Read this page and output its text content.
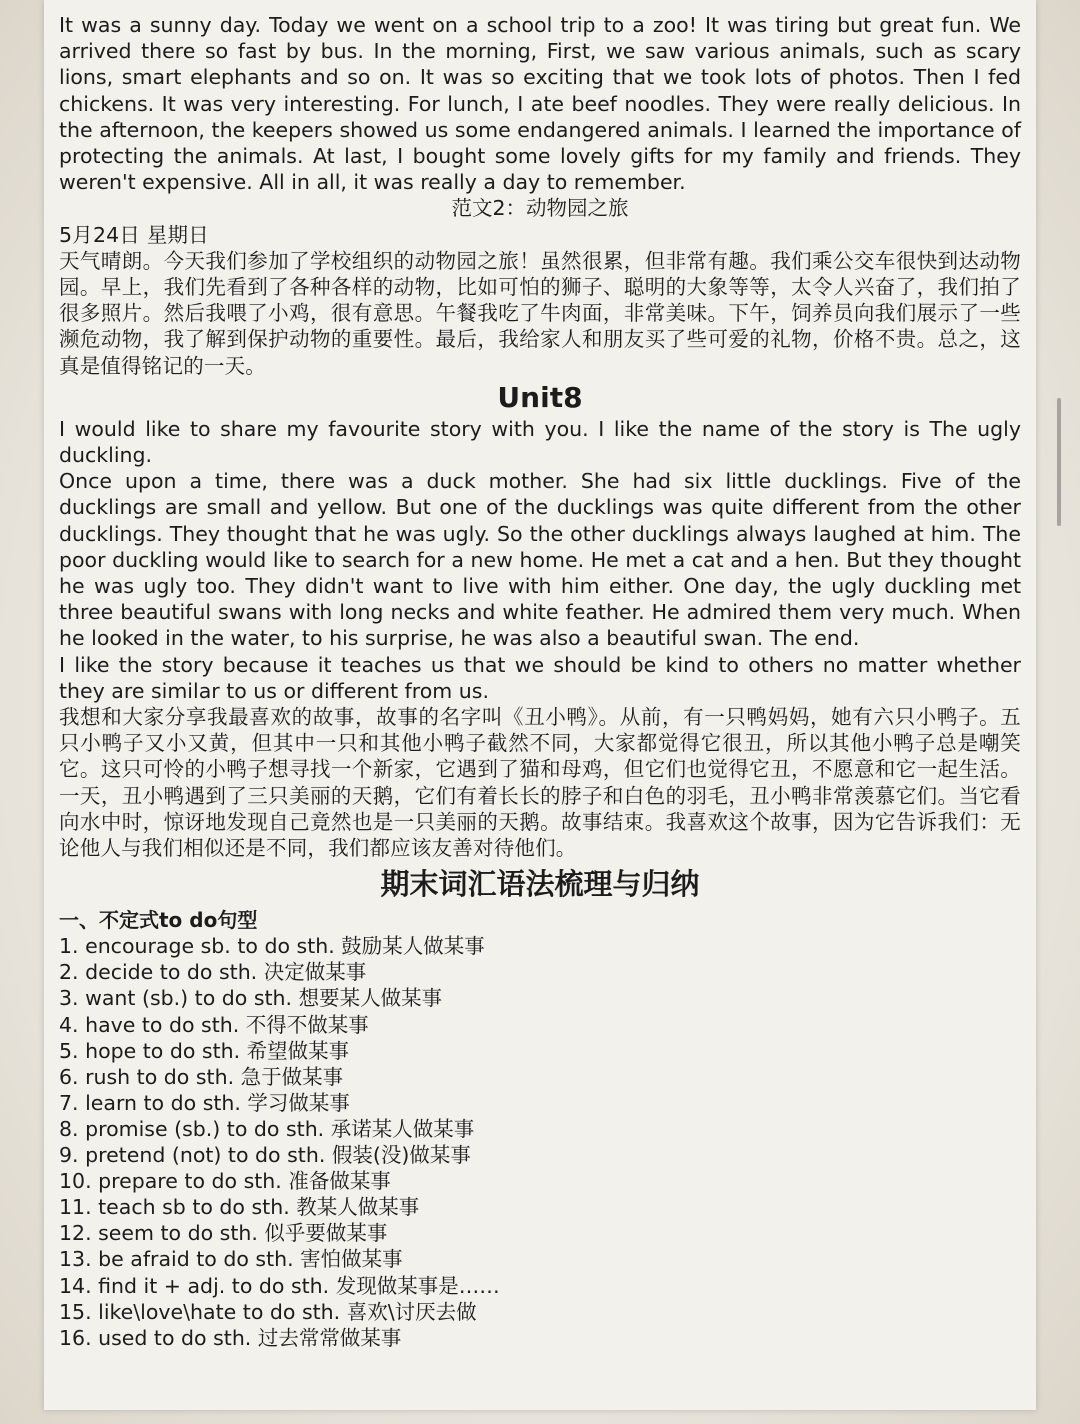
It was a sunny day. Today we went on a school trip to a zoo! It was tiring but great fun. We arrived there so fast by bus. In the morning, First, we saw various animals, such as scary lions, smart elephants and so on. It was so exciting that we took lots of photos. Then I fed chickens. It was very interesting. For lunch, I ate beef noodles. They were really delicious. In the afternoon, the keepers showed us some endangered animals. I learned the importance of protecting the animals. At last, I bought some lovely gifts for my family and friends. They weren't expensive. All in all, it was really a day to remember.

范文2：动物园之旅

5月24日 星期日

天气晴朗。今天我们参加了学校组织的动物园之旅！虽然很累，但非常有趣。我们乘公交车很快到达动物园。早上，我们先看到了各种各样的动物，比如可怕的狮子、聪明的大象等等，太令人兴奋了，我们拍了很多照片。然后我喂了小鸡，很有意思。午餐我吃了牛肉面，非常美味。下午，饲养员向我们展示了一些濒危动物，我了解到保护动物的重要性。最后，我给家人和朋友买了些可爱的礼物，价格不贵。总之，这真是值得铭记的一天。

Unit8

I would like to share my favourite story with you. I like the name of the story is The ugly duckling.

Once upon a time, there was a duck mother. She had six little ducklings. Five of the ducklings are small and yellow. But one of the ducklings was quite different from the other ducklings. They thought that he was ugly. So the other ducklings always laughed at him. The poor duckling would like to search for a new home. He met a cat and a hen. But they thought he was ugly too. They didn't want to live with him either. One day, the ugly duckling met three beautiful swans with long necks and white feather. He admired them very much. When he looked in the water, to his surprise, he was also a beautiful swan. The end.

I like the story because it teaches us that we should be kind to others no matter whether they are similar to us or different from us.

我想和大家分享我最喜欢的故事，故事的名字叫《丑小鸭》。从前，有一只鸭妈妈，她有六只小鸭子。五只小鸭子又小又黄，但其中一只和其他小鸭子截然不同，大家都觉得它很丑，所以其他小鸭子总是嘲笑它。这只可怜的小鸭子想寻找一个新家，它遇到了猫和母鸡，但它们也觉得它丑，不愿意和它一起生活。一天，丑小鸭遇到了三只美丽的天鹅，它们有着长长的脖子和白色的羽毛，丑小鸭非常羡慕它们。当它看向水中时，惊讶地发现自己竟然也是一只美丽的天鹅。故事结束。我喜欢这个故事，因为它告诉我们：无论他人与我们相似还是不同，我们都应该友善对待他们。

期末词汇语法梳理与归纳

一、不定式to do句型

1. encourage sb. to do sth. 鼓励某人做某事

2. decide to do sth. 决定做某事

3. want (sb.) to do sth. 想要某人做某事

4. have to do sth. 不得不做某事

5. hope to do sth. 希望做某事

6. rush to do sth. 急于做某事

7. learn to do sth. 学习做某事

8. promise (sb.) to do sth. 承诺某人做某事

9. pretend (not) to do sth. 假装(没)做某事

10. prepare to do sth. 准备做某事

11. teach sb to do sth. 教某人做某事

12. seem to do sth. 似乎要做某事

13. be afraid to do sth. 害怕做某事

14. find it + adj. to do sth. 发现做某事是……

15. like\love\hate to do sth. 喜欢\讨厌去做

16. used to do sth. 过去常常做某事
